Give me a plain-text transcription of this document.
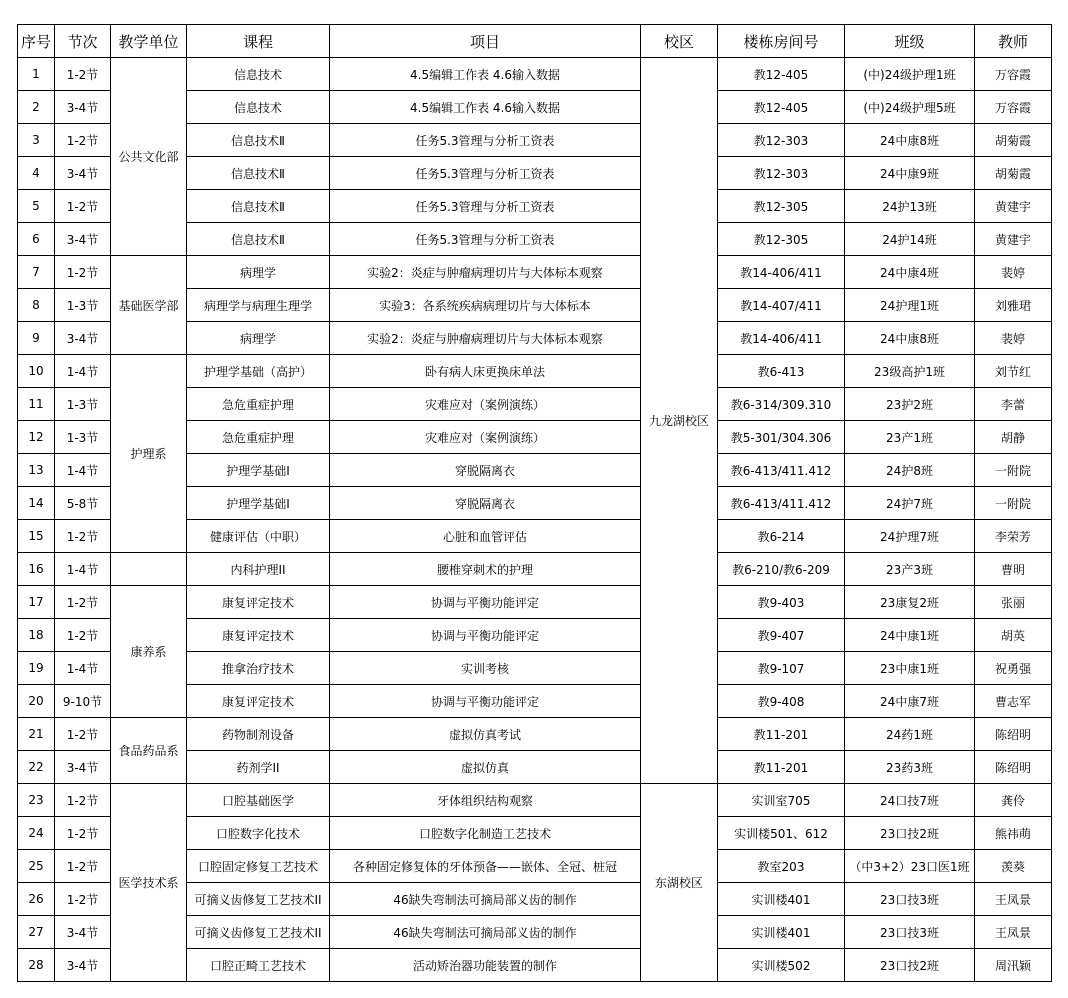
序号	节次	教学单位	课程	项目	校区	楼栋房间号	班级	教师
1	1-2节	公共文化部	信息技术	4.5编辑工作表 4.6输入数据	九龙湖校区	教12-405	(中)24级护理1班	万容霞
2	3-4节		信息技术	4.5编辑工作表 4.6输入数据		教12-405	(中)24级护理5班	万容霞
3	1-2节		信息技术Ⅱ	任务5.3管理与分析工资表		教12-303	24中康8班	胡菊霞
4	3-4节		信息技术Ⅱ	任务5.3管理与分析工资表		教12-303	24中康9班	胡菊霞
5	1-2节		信息技术Ⅱ	任务5.3管理与分析工资表		教12-305	24护13班	黄建宇
6	3-4节		信息技术Ⅱ	任务5.3管理与分析工资表		教12-305	24护14班	黄建宇
7	1-2节	基础医学部	病理学	实验2：炎症与肿瘤病理切片与大体标本观察		教14-406/411	24中康4班	裴婷
8	1-3节		病理学与病理生理学	实验3：各系统疾病病理切片与大体标本		教14-407/411	24护理1班	刘雅珺
9	3-4节		病理学	实验2：炎症与肿瘤病理切片与大体标本观察		教14-406/411	24中康8班	裴婷
10	1-4节	护理系	护理学基础（高护）	卧有病人床更换床单法		教6-413	23级高护1班	刘节红
11	1-3节		急危重症护理	灾难应对（案例演练）		教6-314/309.310	23护2班	李蕾
12	1-3节		急危重症护理	灾难应对（案例演练）		教5-301/304.306	23产1班	胡静
13	1-4节		护理学基础I	穿脱隔离衣		教6-413/411.412	24护8班	一附院
14	5-8节		护理学基础I	穿脱隔离衣		教6-413/411.412	24护7班	一附院
15	1-2节		健康评估（中职）	心脏和血管评估		教6-214	24护理7班	李荣芳
16	1-4节		内科护理II	腰椎穿刺术的护理		教6-210/教6-209	23产3班	曹明
17	1-2节	康养系	康复评定技术	协调与平衡功能评定		教9-403	23康复2班	张丽
18	1-2节		康复评定技术	协调与平衡功能评定		教9-407	24中康1班	胡英
19	1-4节		推拿治疗技术	实训考核		教9-107	23中康1班	祝勇强
20	9-10节		康复评定技术	协调与平衡功能评定		教9-408	24中康7班	曹志军
21	1-2节	食品药品系	药物制剂设备	虚拟仿真考试		教11-201	24药1班	陈绍明
22	3-4节		药剂学II	虚拟仿真		教11-201	23药3班	陈绍明
23	1-2节	医学技术系	口腔基础医学	牙体组织结构观察	东湖校区	实训室705	24口技7班	龚伶
24	1-2节		口腔数字化技术	口腔数字化制造工艺技术		实训楼501、612	23口技2班	熊祎萌
25	1-2节		口腔固定修复工艺技术	各种固定修复体的牙体预备——嵌体、全冠、桩冠		教室203	（中3+2）23口医1班	羡葵
26	1-2节		可摘义齿修复工艺技术II	46缺失弯制法可摘局部义齿的制作		实训楼401	23口技3班	王凤景
27	3-4节		可摘义齿修复工艺技术II	46缺失弯制法可摘局部义齿的制作		实训楼401	23口技3班	王凤景
28	3-4节		口腔正畸工艺技术	活动矫治器功能装置的制作		实训楼502	23口技2班	周汛颖
